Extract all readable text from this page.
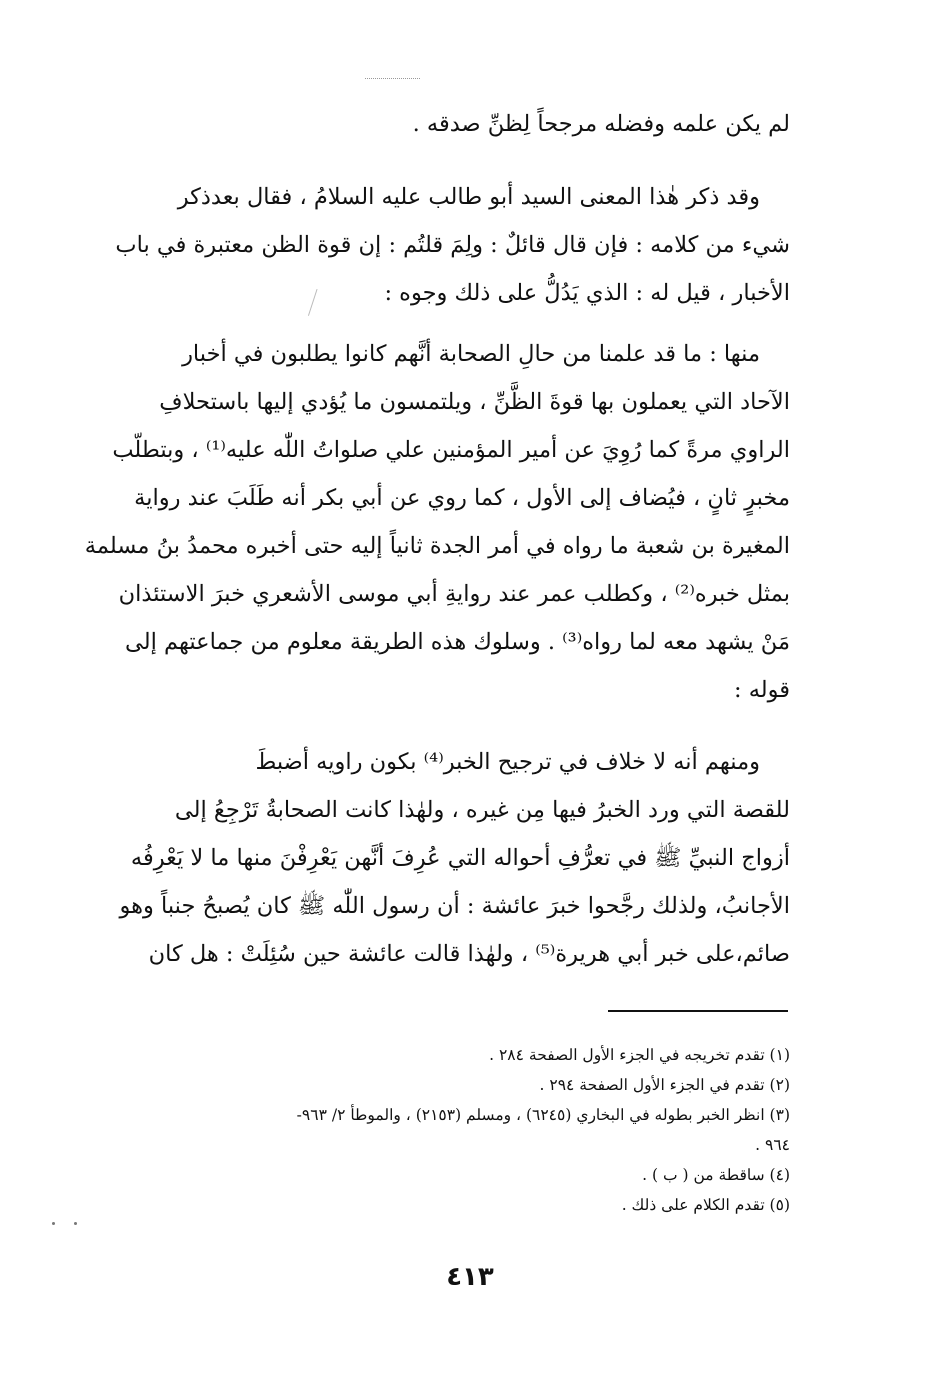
لم يكن علمه وفضله مرجحاً لِظنِّ صدقه .
وقد ذكر هٰذا المعنى السيد أبو طالب عليه السلامُ ، فقال بعدذكر
شيء من كلامه : فإن قال قائلٌ : ولِمَ قلتُم : إن قوة الظن معتبرة في باب
الأخبار ، قيل له : الذي يَدُلُّ على ذلك وجوه :
منها : ما قد علمنا من حالِ الصحابة أنَّهم كانوا يطلبون في أخبار
الآحاد التي يعملون بها قوةَ الظَّنِّ ، ويلتمسون ما يُؤدي إليها باستحلافِ
الراوي مرةً كما رُوِيَ عن أمير المؤمنين علي صلواتُ اللّٰه عليه⁽¹⁾ ، وبتطلّب
مخبرٍ ثانٍ ، فيُضاف إلى الأول ، كما روي عن أبي بكر أنه طَلَبَ عند رواية
المغيرة بن شعبة ما رواه في أمر الجدة ثانياً إليه حتى أخبره محمدُ بنُ مسلمة
بمثل خبره⁽²⁾ ، وكطلب عمر عند روايةِ أبي موسى الأشعري خبرَ الاستئذان
مَنْ يشهد معه لما رواه⁽³⁾ . وسلوك هذه الطريقة معلوم من جماعتهم إلى
قوله :
ومنهم أنه لا خلاف في ترجيح الخبر⁽⁴⁾ بكون راويه أضبطَ
للقصة التي ورد الخبرُ فيها مِن غيره ، ولهٰذا كانت الصحابةُ تَرْجِعُ إلى
أزواج النبيِّ ﷺ في تعرُّفِ أحواله التي عُرِفَ أنَّهن يَعْرِفْنَ منها ما لا يَعْرِفُه
الأجانبُ، ولذلك رجَّحوا خبرَ عائشة : أن رسول اللّٰه ﷺ كان يُصبحُ جنباً وهو
صائم،على خبر أبي هريرة⁽⁵⁾ ، ولهٰذا قالت عائشة حين سُئِلَتْ : هل كان
(١) تقدم تخريجه في الجزء الأول الصفحة ٢٨٤ .
(٢) تقدم في الجزء الأول الصفحة ٢٩٤ .
(٣) انظر الخبر بطوله في البخاري (٦٢٤٥) ، ومسلم (٢١٥٣) ، والموطأ ٢/ ٩٦٣-
٩٦٤ .
(٤) ساقطة من ( ب ) .
(٥) تقدم الكلام على ذلك .
٤١٣
